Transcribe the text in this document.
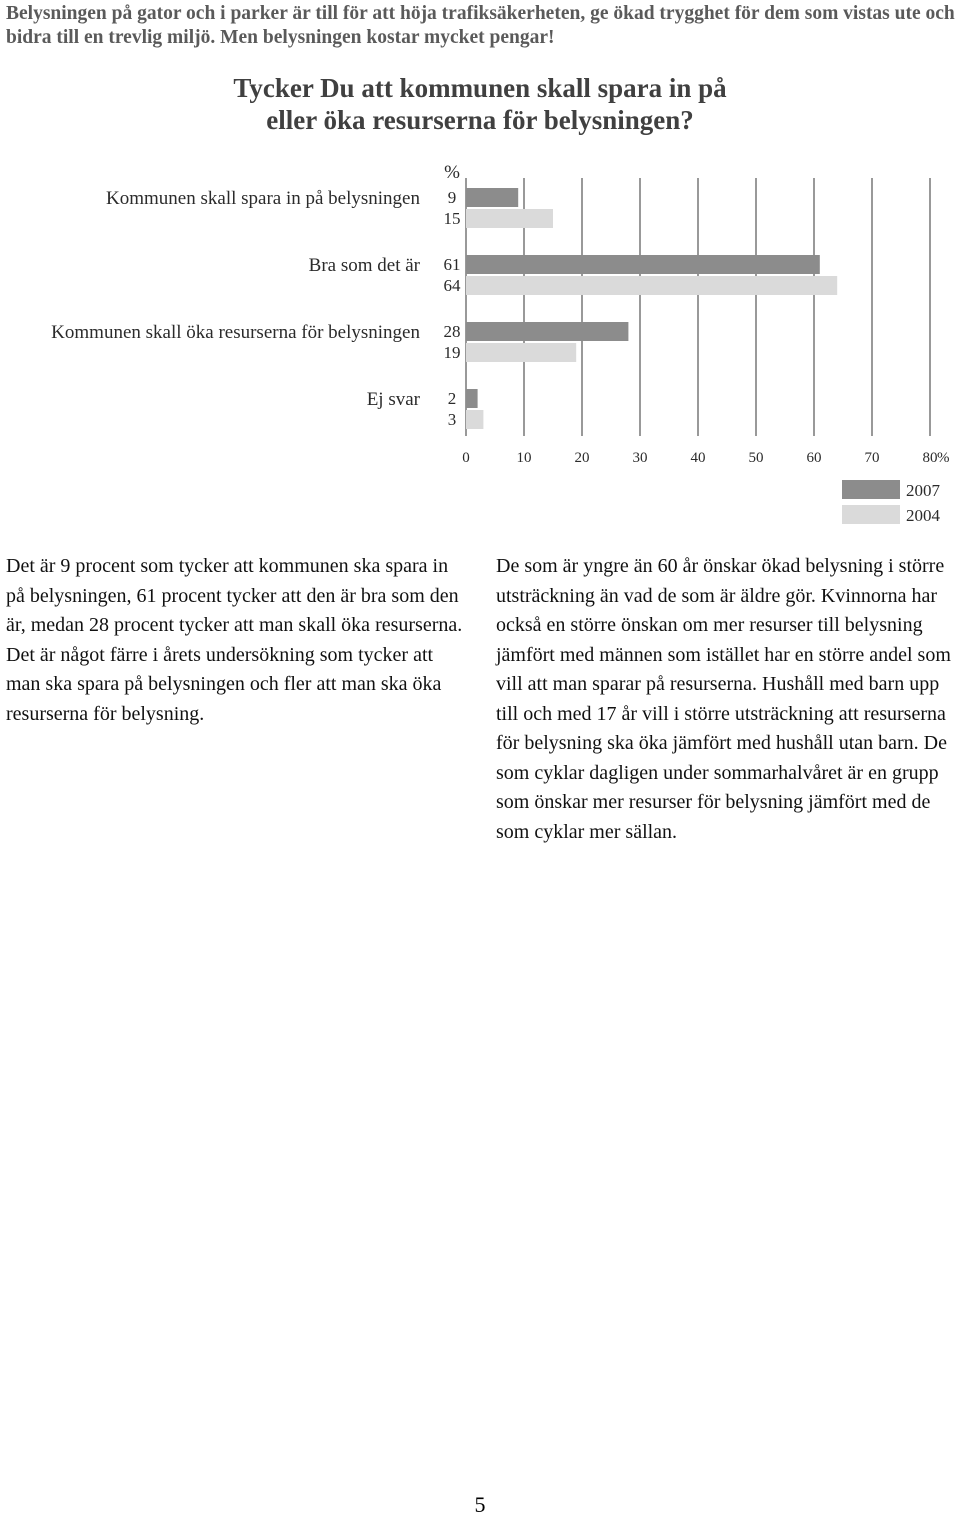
Belysningen på gator och i parker är till för att höja trafiksäkerheten, ge ökad trygghet för dem som vistas ute och bidra till en trevlig miljö. Men belysningen kostar mycket pengar!
Tycker Du att kommunen skall spara in på
eller öka resurserna för belysningen?
%
Kommunen skall spara in på belysningen 9
15
Bra som det är 61
64
Kommunen skall öka resurserna för belysningen 28
19
Ej svar 2
3
0	10	20	30	40	50	60	70	80 %
2007
2004
Det är 9 procent som tycker att kommunen ska spara in på belysningen, 61 procent tycker att den är bra som den är, medan 28 procent tycker att man skall öka resurserna. Det är något färre i årets undersökning som tycker att man ska spara på belysningen och fler att man ska öka resurserna för belysning.
De som är yngre än 60 år önskar ökad belysning i större utsträckning än vad de som är äldre gör. Kvinnorna har också en större önskan om mer resurser till belysning jämfört med männen som istället har en större andel som vill att man sparar på resurserna. Hushåll med barn upp till och med 17 år vill i större utsträckning att resurserna för belysning ska öka jämfört med hushåll utan barn. De som cyklar dagligen under sommarhalvåret är en grupp som önskar mer resurser för belysning jämfört med de som cyklar mer sällan.
5
